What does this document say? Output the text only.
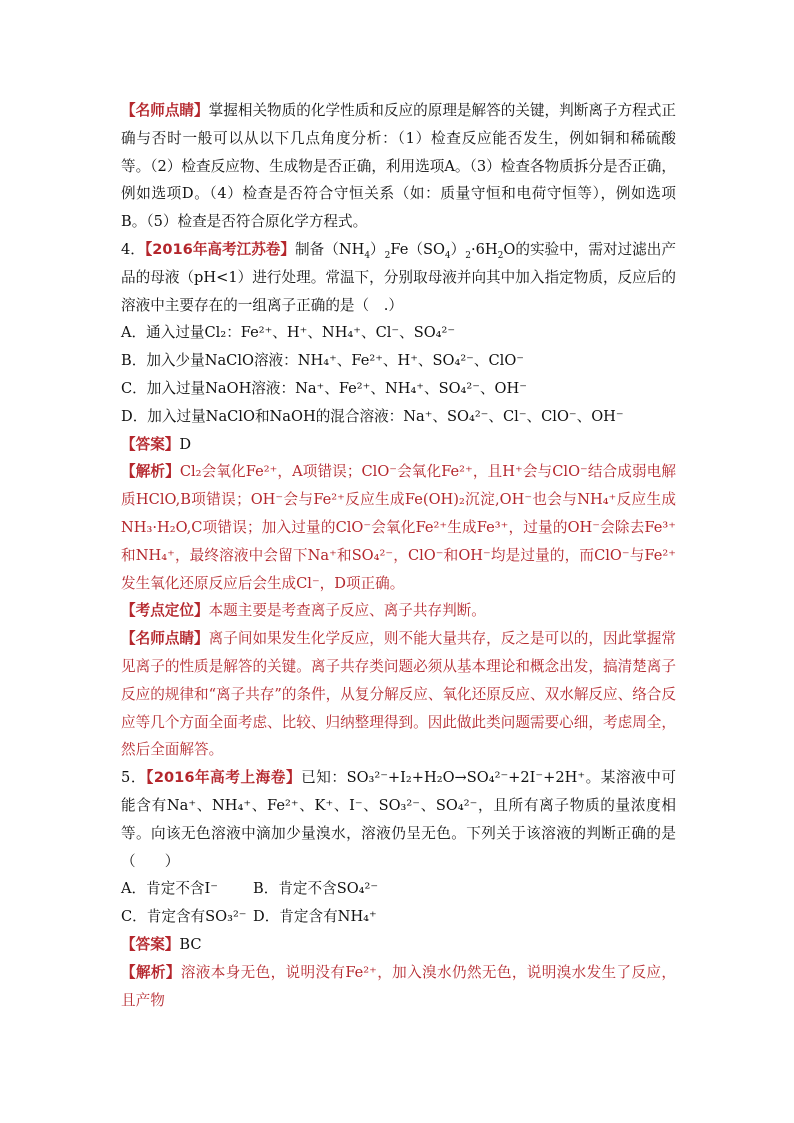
【名师点睛】掌握相关物质的化学性质和反应的原理是解答的关键，判断离子方程式正确与否时一般可以从以下几点角度分析：（1）检查反应能否发生，例如铜和稀硫酸等。（2）检查反应物、生成物是否正确，利用选项A。（3）检查各物质拆分是否正确，例如选项D。（4）检查是否符合守恒关系（如：质量守恒和电荷守恒等），例如选项B。（5）检查是否符合原化学方程式。

4．【2016年高考江苏卷】制备$(NH_4)_2Fe(SO_4)_2\cdot 6H_2O$的实验中，需对过滤出产品的母液（pH<1）进行处理。常温下，分别取母液并向其中加入指定物质，反应后的溶液中主要存在的一组离子正确的是（　.）

A．通入过量Cl₂：Fe²⁺、H⁺、NH₄⁺、Cl⁻、SO₄²⁻

B．加入少量NaClO溶液：NH₄⁺、Fe²⁺、H⁺、SO₄²⁻、ClO⁻

C．加入过量NaOH溶液：Na⁺、Fe²⁺、NH₄⁺、SO₄²⁻、OH⁻

D．加入过量NaClO和NaOH的混合溶液：Na⁺、SO₄²⁻、Cl⁻、ClO⁻、OH⁻

【答案】D

【解析】Cl₂会氧化Fe²⁺，A项错误；ClO⁻会氧化Fe²⁺，且H⁺会与ClO⁻结合成弱电解质HClO,B项错误；OH⁻会与Fe²⁺反应生成Fe(OH)₂沉淀,OH⁻也会与NH₄⁺反应生成NH₃·H₂O,C项错误；加入过量的ClO⁻会氧化Fe²⁺生成Fe³⁺，过量的OH⁻会除去Fe³⁺和NH₄⁺，最终溶液中会留下Na⁺和SO₄²⁻，ClO⁻和OH⁻均是过量的，而ClO⁻与Fe²⁺发生氧化还原反应后会生成Cl⁻，D项正确。

【考点定位】本题主要是考查离子反应、离子共存判断。

【名师点睛】离子间如果发生化学反应，则不能大量共存，反之是可以的，因此掌握常见离子的性质是解答的关键。离子共存类问题必须从基本理论和概念出发，搞清楚离子反应的规律和“离子共存”的条件，从复分解反应、氧化还原反应、双水解反应、络合反应等几个方面全面考虑、比较、归纳整理得到。因此做此类问题需要心细，考虑周全，然后全面解答。

5．【2016年高考上海卷】已知：SO₃²⁻+I₂+H₂O→SO₄²⁻+2I⁻+2H⁺。某溶液中可能含有Na⁺、NH₄⁺、Fe²⁺、K⁺、I⁻、SO₃²⁻、SO₄²⁻，且所有离子物质的量浓度相等。向该无色溶液中滴加少量溴水，溶液仍呈无色。下列关于该溶液的判断正确的是（　　）

A．肯定不含I⁻ B．肯定不含SO₄²⁻

C．肯定含有SO₃²⁻ D．肯定含有NH₄⁺

【答案】BC

【解析】溶液本身无色，说明没有Fe²⁺，加入溴水仍然无色，说明溴水发生了反应，且产物
